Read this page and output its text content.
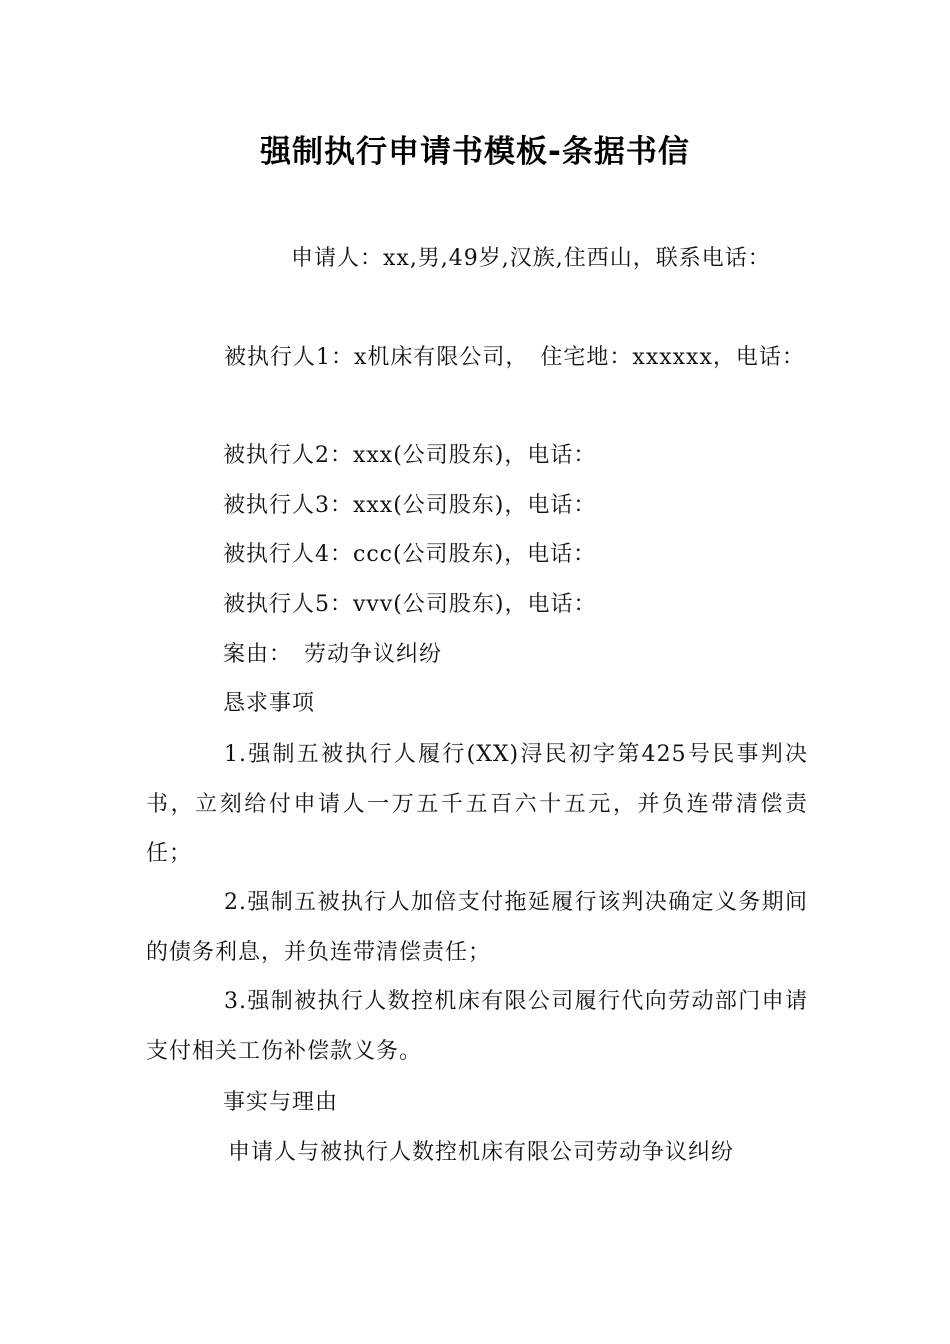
强制执行申请书模板-条据书信
申请人：xx,男,49岁,汉族,住西山，联系电话：
被执行人1：x机床有限公司，　住宅地：xxxxxx，电话：
被执行人2：xxx(公司股东)，电话：
被执行人3：xxx(公司股东)，电话：
被执行人4：ccc(公司股东)，电话：
被执行人5：vvv(公司股东)，电话：
案由：　劳动争议纠纷
恳求事项
1.强制五被执行人履行(XX)浔民初字第425号民事判决书，立刻给付申请人一万五千五百六十五元，并负连带清偿责任；
2.强制五被执行人加倍支付拖延履行该判决确定义务期间的债务利息，并负连带清偿责任；
3.强制被执行人数控机床有限公司履行代向劳动部门申请支付相关工伤补偿款义务。
事实与理由
申请人与被执行人数控机床有限公司劳动争议纠纷
